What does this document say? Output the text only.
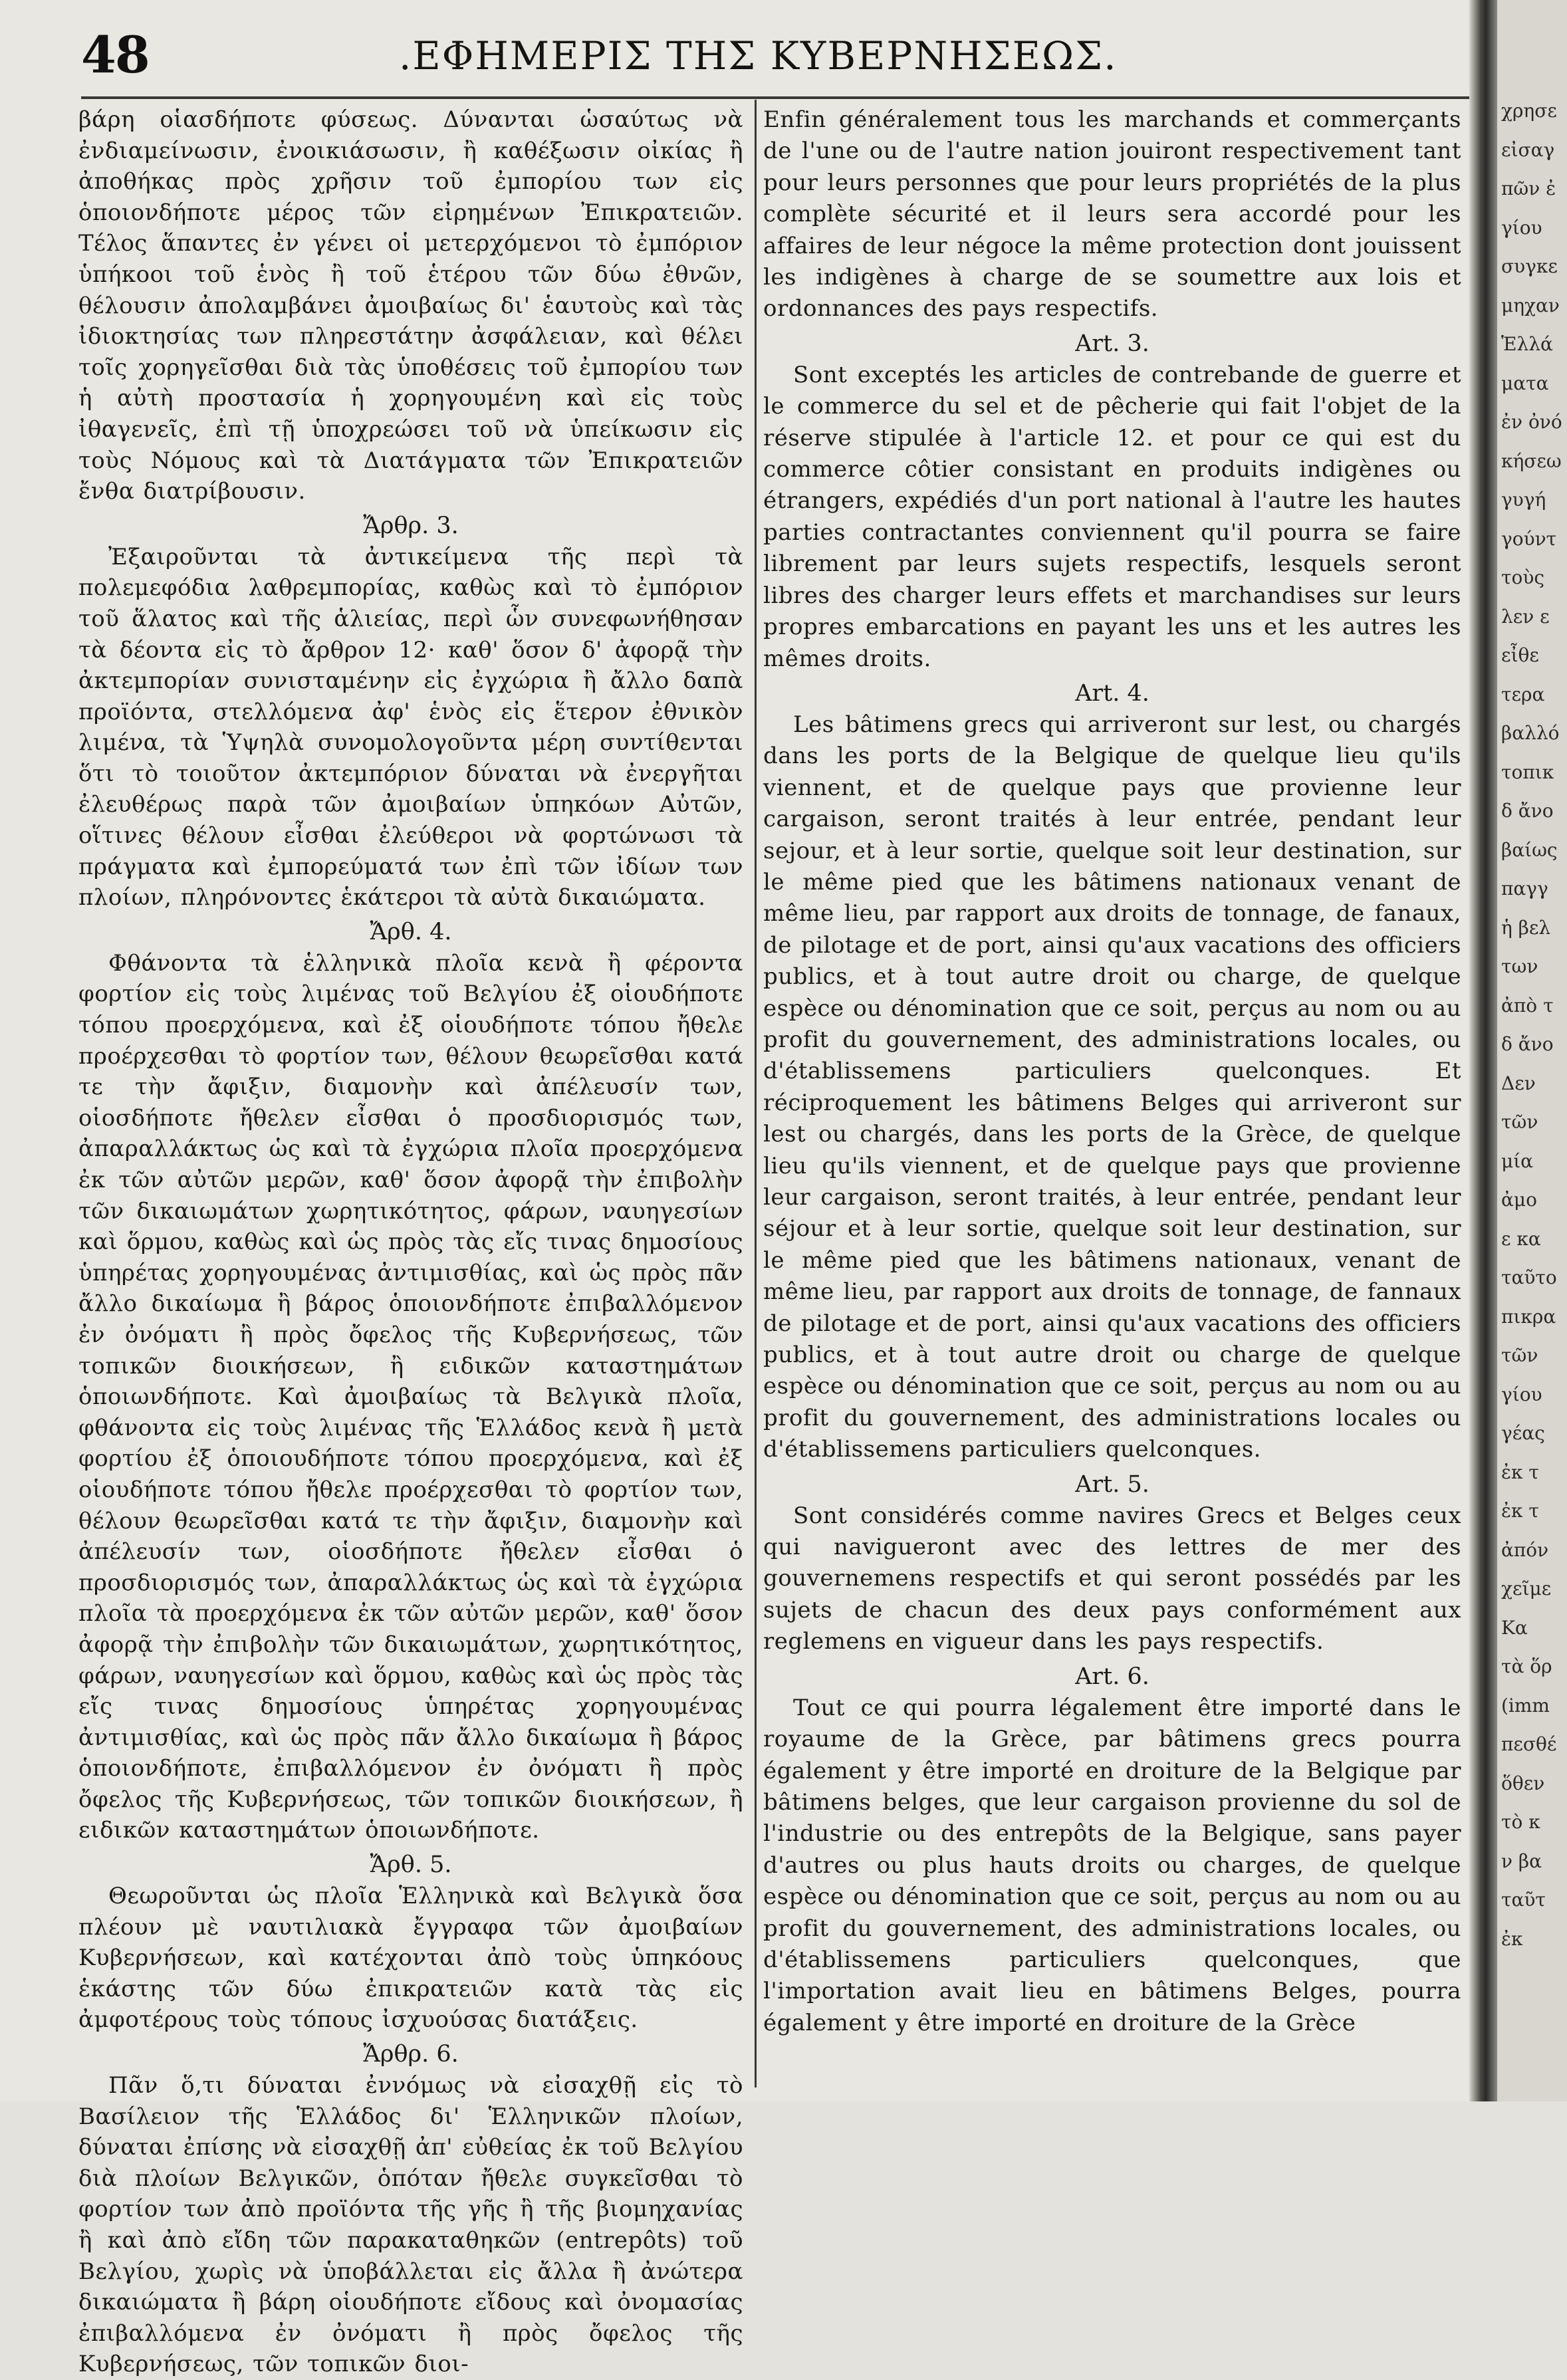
48	.ΕΦΗΜΕΡΙΣ ΤΗΣ ΚΥΒΕΡΝΗΣΕΩΣ.

βάρη οἱασδήποτε φύσεως. Δύνανται ὡσαύτως νὰ ἐνδιαμείνωσιν, ἐνοικιάσωσιν, ἢ καθέξωσιν οἰκίας ἢ ἀποθήκας πρὸς χρῆσιν τοῦ ἐμπορίου των εἰς ὁποιονδήποτε μέρος τῶν εἰρημένων Ἐπικρατειῶν. Τέλος ἅπαντες ἐν γένει οἱ μετερχόμενοι τὸ ἐμπόριον ὑπήκοοι τοῦ ἑνὸς ἢ τοῦ ἑτέρου τῶν δύω ἐθνῶν, θέλουσιν ἀπολαμβάνει ἀμοιβαίως δι' ἑαυτοὺς καὶ τὰς ἰδιοκτησίας των πληρεστάτην ἀσφάλειαν, καὶ θέλει τοῖς χορηγεῖσθαι διὰ τὰς ὑποθέσεις τοῦ ἐμπορίου των ἡ αὐτὴ προστασία ἡ χορηγουμένη καὶ εἰς τοὺς ἰθαγενεῖς, ἐπὶ τῇ ὑποχρεώσει τοῦ νὰ ὑπείκωσιν εἰς τοὺς Νόμους καὶ τὰ Διατάγματα τῶν Ἐπικρατειῶν ἔνθα διατρίβουσιν.

Ἄρθρ. 3.

Ἐξαιροῦνται τὰ ἀντικείμενα τῆς περὶ τὰ πολεμεφόδια λαθρεμπορίας, καθὼς καὶ τὸ ἐμπόριον τοῦ ἅλατος καὶ τῆς ἁλιείας, περὶ ὧν συνεφωνήθησαν τὰ δέοντα εἰς τὸ ἄρθρον 12· καθ' ὅσον δ' ἀφορᾷ τὴν ἀκτεμπορίαν συνισταμένην εἰς ἐγχώρια ἢ ἄλλο δαπὰ προϊόντα, στελλόμενα ἀφ' ἑνὸς εἰς ἕτερον ἐθνικὸν λιμένα, τὰ Ὑψηλὰ συνομολογοῦντα μέρη συντίθενται ὅτι τὸ τοιοῦτον ἀκτεμπόριον δύναται νὰ ἐνεργῆται ἐλευθέρως παρὰ τῶν ἀμοιβαίων ὑπηκόων Αὐτῶν, οἵτινες θέλουν εἶσθαι ἐλεύθεροι νὰ φορτώνωσι τὰ πράγματα καὶ ἐμπορεύματά των ἐπὶ τῶν ἰδίων των πλοίων, πληρόνοντες ἑκάτεροι τὰ αὐτὰ δικαιώματα.

Ἄρθ. 4.

Φθάνοντα τὰ ἑλληνικὰ πλοῖα κενὰ ἢ φέροντα φορτίον εἰς τοὺς λιμένας τοῦ Βελγίου ἐξ οἱουδήποτε τόπου προερχόμενα, καὶ ἐξ οἱουδήποτε τόπου ἤθελε προέρχεσθαι τὸ φορτίον των, θέλουν θεωρεῖσθαι κατά τε τὴν ἄφιξιν, διαμονὴν καὶ ἀπέλευσίν των, οἱοσδήποτε ἤθελεν εἶσθαι ὁ προσδιορισμός των, ἀπαραλλάκτως ὡς καὶ τὰ ἐγχώρια πλοῖα προερχόμενα ἐκ τῶν αὐτῶν μερῶν, καθ' ὅσον ἀφορᾷ τὴν ἐπιβολὴν τῶν δικαιωμάτων χωρητικότητος, φάρων, ναυηγεσίων καὶ ὅρμου, καθὼς καὶ ὡς πρὸς τὰς εἴς τινας δημοσίους ὑπηρέτας χορηγουμένας ἀντιμισθίας, καὶ ὡς πρὸς πᾶν ἄλλο δικαίωμα ἢ βάρος ὁποιονδήποτε ἐπιβαλλόμενον ἐν ὀνόματι ἢ πρὸς ὄφελος τῆς Κυβερνήσεως, τῶν τοπικῶν διοικήσεων, ἢ ειδικῶν καταστημάτων ὁποιωνδήποτε. Καὶ ἀμοιβαίως τὰ Βελγικὰ πλοῖα, φθάνοντα εἰς τοὺς λιμένας τῆς Ἑλλάδος κενὰ ἢ μετὰ φορτίου ἐξ ὁποιουδήποτε τόπου προερχόμενα, καὶ ἐξ οἱουδήποτε τόπου ἤθελε προέρχεσθαι τὸ φορτίον των, θέλουν θεωρεῖσθαι κατά τε τὴν ἄφιξιν, διαμονὴν καὶ ἀπέλευσίν των, οἱοσδήποτε ἤθελεν εἶσθαι ὁ προσδιορισμός των, ἀπαραλλάκτως ὡς καὶ τὰ ἐγχώρια πλοῖα τὰ προερχόμενα ἐκ τῶν αὐτῶν μερῶν, καθ' ὅσον ἀφορᾷ τὴν ἐπιβολὴν τῶν δικαιωμάτων, χωρητικότητος, φάρων, ναυηγεσίων καὶ ὅρμου, καθὼς καὶ ὡς πρὸς τὰς εἴς τινας δημοσίους ὑπηρέτας χορηγουμένας ἀντιμισθίας, καὶ ὡς πρὸς πᾶν ἄλλο δικαίωμα ἢ βάρος ὁποιονδήποτε, ἐπιβαλλόμενον ἐν ὀνόματι ἢ πρὸς ὄφελος τῆς Κυβερνήσεως, τῶν τοπικῶν διοικήσεων, ἢ ειδικῶν καταστημάτων ὁποιωνδήποτε.

Ἄρθ. 5.

Θεωροῦνται ὡς πλοῖα Ἑλληνικὰ καὶ Βελγικὰ ὅσα πλέουν μὲ ναυτιλιακὰ ἔγγραφα τῶν ἀμοιβαίων Κυβερνήσεων, καὶ κατέχονται ἀπὸ τοὺς ὑπηκόους ἑκάστης τῶν δύω ἐπικρατειῶν κατὰ τὰς εἰς ἀμφοτέρους τοὺς τόπους ἰσχυούσας διατάξεις.

Ἄρθρ. 6.

Πᾶν ὅ,τι δύναται ἐννόμως νὰ εἰσαχθῇ εἰς τὸ Βασίλειον τῆς Ἑλλάδος δι' Ἑλληνικῶν πλοίων, δύναται ἐπίσης νὰ εἰσαχθῇ ἀπ' εὐθείας ἐκ τοῦ Βελγίου διὰ πλοίων Βελγικῶν, ὁπόταν ἤθελε συγκεῖσθαι τὸ φορτίον των ἀπὸ προϊόντα τῆς γῆς ἢ τῆς βιομηχανίας ἢ καὶ ἀπὸ εἴδη τῶν παρακαταθηκῶν (entrepôts) τοῦ Βελγίου, χωρὶς νὰ ὑποβάλλεται εἰς ἄλλα ἢ ἀνώτερα δικαιώματα ἢ βάρη οἱουδήποτε εἴδους καὶ ὀνομασίας ἐπιβαλλόμενα ἐν ὀνόματι ἢ πρὸς ὄφελος τῆς Κυβερνήσεως, τῶν τοπικῶν διοι-

Enfin généralement tous les marchands et commerçants de l'une ou de l'autre nation jouiront respectivement tant pour leurs personnes que pour leurs propriétés de la plus complète sécurité et il leurs sera accordé pour les affaires de leur négoce la même protection dont jouissent les indigènes à charge de se soumettre aux lois et ordonnances des pays respectifs.

Art. 3.

Sont exceptés les articles de contrebande de guerre et le commerce du sel et de pêcherie qui fait l'objet de la réserve stipulée à l'article 12. et pour ce qui est du commerce côtier consistant en produits indigènes ou étrangers, expédiés d'un port national à l'autre les hautes parties contractantes conviennent qu'il pourra se faire librement par leurs sujets respectifs, lesquels seront libres des charger leurs effets et marchandises sur leurs propres embarcations en payant les uns et les autres les mêmes droits.

Art. 4.

Les bâtimens grecs qui arriveront sur lest, ou chargés dans les ports de la Belgique de quelque lieu qu'ils viennent, et de quelque pays que provienne leur cargaison, seront traités à leur entrée, pendant leur sejour, et à leur sortie, quelque soit leur destination, sur le même pied que les bâtimens nationaux venant de même lieu, par rapport aux droits de tonnage, de fanaux, de pilotage et de port, ainsi qu'aux vacations des officiers publics, et à tout autre droit ou charge, de quelque espèce ou dénomination que ce soit, perçus au nom ou au profit du gouvernement, des administrations locales, ou d'établissemens particuliers quelconques. Et réciproquement les bâtimens Belges qui arriveront sur lest ou chargés, dans les ports de la Grèce, de quelque lieu qu'ils viennent, et de quelque pays que provienne leur cargaison, seront traités, à leur entrée, pendant leur séjour et à leur sortie, quelque soit leur destination, sur le même pied que les bâtimens nationaux, venant de même lieu, par rapport aux droits de tonnage, de fannaux de pilotage et de port, ainsi qu'aux vacations des officiers publics, et à tout autre droit ou charge de quelque espèce ou dénomination que ce soit, perçus au nom ou au profit du gouvernement, des administrations locales ou d'établissemens particuliers quelconques.

Art. 5.

Sont considérés comme navires Grecs et Belges ceux qui navigueront avec des lettres de mer des gouvernemens respectifs et qui seront possédés par les sujets de chacun des deux pays conformément aux reglemens en vigueur dans les pays respectifs.

Art. 6.

Tout ce qui pourra légalement être importé dans le royaume de la Grèce, par bâtimens grecs pourra également y être importé en droiture de la Belgique par bâtimens belges, que leur cargaison provienne du sol de l'industrie ou des entrepôts de la Belgique, sans payer d'autres ou plus hauts droits ou charges, de quelque espèce ou dénomination que ce soit, perçus au nom ou au profit du gouvernement, des administrations locales, ou d'établissemens particuliers quelconques, que l'importation avait lieu en bâtimens Belges, pourra également y être importé en droiture de la Grèce

χρησε
εἰσαγ
πῶν ἐ
γίου
συγκε
μηχαν
Ἑλλά
ματα
ἐν ὀνό
κήσεω
γυγή
γούντ
τοὺς
λεν ε
εἶθε
τερα
βαλλό
τοπικ
δ ἄνο
βαίως
παγγ
ἡ βελ
των
ἀπὸ τ
δ ἄνο
Δεν
τῶν
μία
ἀμο
ε κα
ταῦτο
πικρα
τῶν
γίου
γέας
ἐκ τ
ἐκ τ
ἀπόν
χεῖμε
Κα
τὰ ὅρ
(imm
πεσθέ
ὅθεν
τὸ κ
ν βα
ταῦτ
ἐκ
